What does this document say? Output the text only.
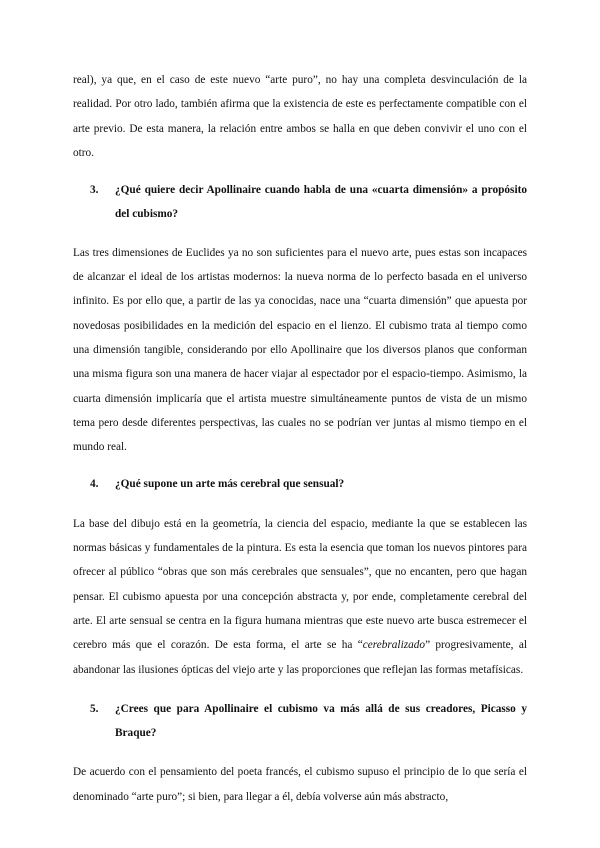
real), ya que, en el caso de este nuevo “arte puro”, no hay una completa desvinculación de la realidad. Por otro lado, también afirma que la existencia de este es perfectamente compatible con el arte previo. De esta manera, la relación entre ambos se halla en que deben convivir el uno con el otro.

3.	¿Qué quiere decir Apollinaire cuando habla de una «cuarta dimensión» a propósito del cubismo?

Las tres dimensiones de Euclides ya no son suficientes para el nuevo arte, pues estas son incapaces de alcanzar el ideal de los artistas modernos: la nueva norma de lo perfecto basada en el universo infinito. Es por ello que, a partir de las ya conocidas, nace una “cuarta dimensión” que apuesta por novedosas posibilidades en la medición del espacio en el lienzo. El cubismo trata al tiempo como una dimensión tangible, considerando por ello Apollinaire que los diversos planos que conforman una misma figura son una manera de hacer viajar al espectador por el espacio-tiempo. Asimismo, la cuarta dimensión implicaría que el artista muestre simultáneamente puntos de vista de un mismo tema pero desde diferentes perspectivas, las cuales no se podrían ver juntas al mismo tiempo en el mundo real.

4.	¿Qué supone un arte más cerebral que sensual?

La base del dibujo está en la geometría, la ciencia del espacio, mediante la que se establecen las normas básicas y fundamentales de la pintura. Es esta la esencia que toman los nuevos pintores para ofrecer al público “obras que son más cerebrales que sensuales”, que no encanten, pero que hagan pensar. El cubismo apuesta por una concepción abstracta y, por ende, completamente cerebral del arte. El arte sensual se centra en la figura humana mientras que este nuevo arte busca estremecer el cerebro más que el corazón. De esta forma, el arte se ha “cerebralizado” progresivamente, al abandonar las ilusiones ópticas del viejo arte y las proporciones que reflejan las formas metafísicas.

5.	¿Crees que para Apollinaire el cubismo va más allá de sus creadores, Picasso y Braque?

De acuerdo con el pensamiento del poeta francés, el cubismo supuso el principio de lo que sería el denominado “arte puro”; si bien, para llegar a él, debía volverse aún más abstracto,
